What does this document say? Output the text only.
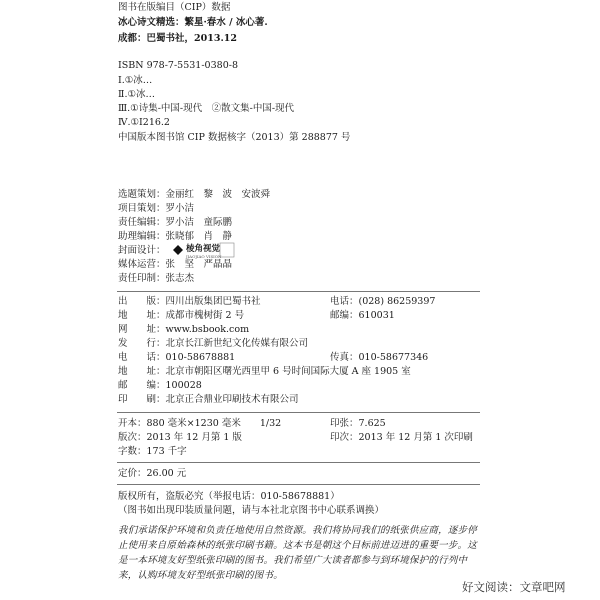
图书在版编目（CIP）数据
冰心诗文精选：繁星·春水 / 冰心著.
成都：巴蜀书社，2013.12
ISBN 978-7-5531-0380-8
Ⅰ.①冰…
Ⅱ.①冰…
Ⅲ.①诗集-中国-现代　②散文集-中国-现代
Ⅳ.①I216.2
中国版本图书馆 CIP 数据核字（2013）第 288877 号
选题策划：金丽红　黎　波　安波舜
项目策划：罗小洁
责任编辑：罗小洁　童际鹏
助理编辑：张晓郁　肖　静
封面设计： 棱角视觉
JIAOJIAO VISION
媒体运营：张　坚　严晶晶
责任印制：张志杰
出　　版：四川出版集团巴蜀书社	电话：(028) 86259397
地　　址：成都市槐树街 2 号	邮编：610031
网　　址：www.bsbook.com
发　　行：北京长江新世纪文化传媒有限公司
电　　话：010-58678881	传真：010-58677346
地　　址：北京市朝阳区曙光西里甲 6 号时间国际大厦 A 座 1905 室
邮　　编：100028
印　　刷：北京正合鼎业印刷技术有限公司
开本：880 毫米×1230 毫米　　1/32	印张：7.625
版次：2013 年 12 月第 1 版	印次：2013 年 12 月第 1 次印刷
字数：173 千字
定价：26.00 元
版权所有，盗版必究（举报电话：010-58678881）
（图书如出现印装质量问题，请与本社北京图书中心联系调换）
我们承诺保护环境和负责任地使用自然资源。我们将协同我们的纸张供应商，逐步停止使用来自原始森林的纸张印刷书籍。这本书是朝这个目标前进迈进的重要一步。这是一本环境友好型纸张印刷的图书。我们希望广大读者都参与到环境保护的行列中来，认购环境友好型纸张印刷的图书。
好文阅读：文章吧网
